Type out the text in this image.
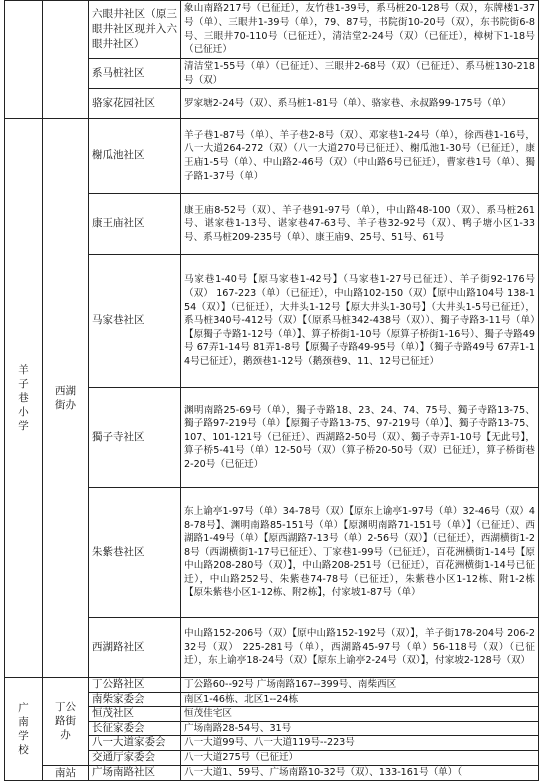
		六眼井社区（原三眼井社区现并入六眼井社区）	象山南路217号（已征迁），友竹巷1-39号，系马桩20-128号（双），东牌楼1-37号（单）、三眼井1-39号（单），79、87号，书院街10-20号（双），东书院街6-8号、三眼井70-110号（已征迁），清洁堂2-24号（双）（已征迁），樟树下1-18号（已征迁）
		系马桩社区	清洁堂1-55号（单）（已征迁）、三眼井2-68号（双）（已征迁）、系马桩130-218号（双）
		骆家花园社区	罗家塘2-24号（双）、系马桩1-81号（单）、骆家巷、永叔路99-175号（单）
羊子巷小学	西湖街办	榭瓜池社区	羊子巷1-87号（单）、羊子巷2-8号（双）、邓家巷1-24号（单），徐西巷1-16号，八一大道264-272（双）（八一大道270号已征迁）、榭瓜池1-30号（已征迁），康王庙1-5号（单）、中山路2-46号（双）（中山路6号已征迁），曹家巷1号（单）、獨子路1-37号（单）
		康王庙社区	康王庙8-52号（双）、羊子巷91-97号（单），中山路48-100（双）、系马桩261号、谌家巷1-13号、谌家巷47-63号、羊子巷32-92号（双）、鸭子塘小区1-33号、系马桩209-235号（单）、康王庙9、25号、51号、61号
		马家巷社区	马家巷1-40号【原马家巷1-42号】（马家巷1-27号已征迁）、羊子街92-176号（双） 167-223（单）（已征迁），中山路102-150（双）【原中山路104号 138-154（双）】（已征迁），大井头1-12号【原大井头1-30号】（大井头1-5号已征迁），系马桩340号-412号（双）【（原系马桩342-438号（双））、獨子寺路3-11号（单）【原獨子寺路1-12号（单）】、算子桥街1-10号（原算子桥街1-16号）、獨子寺路49号 67弄1-14号 81弄1-8号【原獨子寺路49-95号（单）】（獨子寺路49号 67弄1-14号已征迁），鹅颈巷1-12号（鹅颈巷9、11、12号已征迁）
		獨子寺社区	渊明南路25-69号（单），獨子寺路18、23、24、74、75号、獨子寺路13-75、獨子路97-219号（单）【原獨子寺路13-75、97-219号（单）】、獨子寺路13-75、107、101-121号（已征迁）、西湖路2-50号（双）、獨子寺弄1-10号【无此号】，算子桥5-41号（单）12-50号（双）（算子桥20-50号（双）已征迁），算子桥街巷2-20号（已征迁）
		朱紫巷社区	东上谕亭1-97号（单）34-78号（双）【原东上谕亭1-97号（单）32-46号（双）48-78号】、渊明南路85-151号（单）【原渊明南路71-151号（单）】（已征迁）、西湖路1-49号（单）【原西湖路7-13号（单）2-56号（双）】（已征迁），西湖横街1-28号（西湖横街1-17号已征迁）、丁家巷1-99号（已征迁），百花洲横街1-14号【原中山路208-280号（双）】，中山路208-251号（已征迁），百花洲横街1-14号已征迁），中山路252号、朱紫巷74-78号（已征迁），朱紫巷小区1-12栋、附1-2栋【原朱紫巷小区1-12栋、附2栋】，付家坡1-87号（单）
		西湖路社区	中山路152-206号（双）【原中山路152-192号（双）】，羊子街178-204号 206-232号（双） 225-281号（单），西湖路45-97号（单）56-118号（双）（已征迁），东上谕亭18-24号（双）【原东上谕亭2-24号（双）】，付家坡2-128号（双）
广南学校	丁公路街办	丁公路社区	丁公路60--92号 广场南路167--399号、南柴西区
		南柴家委会	南区1-46栋、北区1--24栋
		恒茂社区	恒茂佳宅区
		长征家委会	广场南路28-54号、31号
		八一大道家委会	八一大道99号、八一大道119号--223号
		交通厅家委会	八一大道275号（已征迁）
	南站	广场南路社区	八一大道1、59号、广场南路10-32号（双）、133-161号（单）（
